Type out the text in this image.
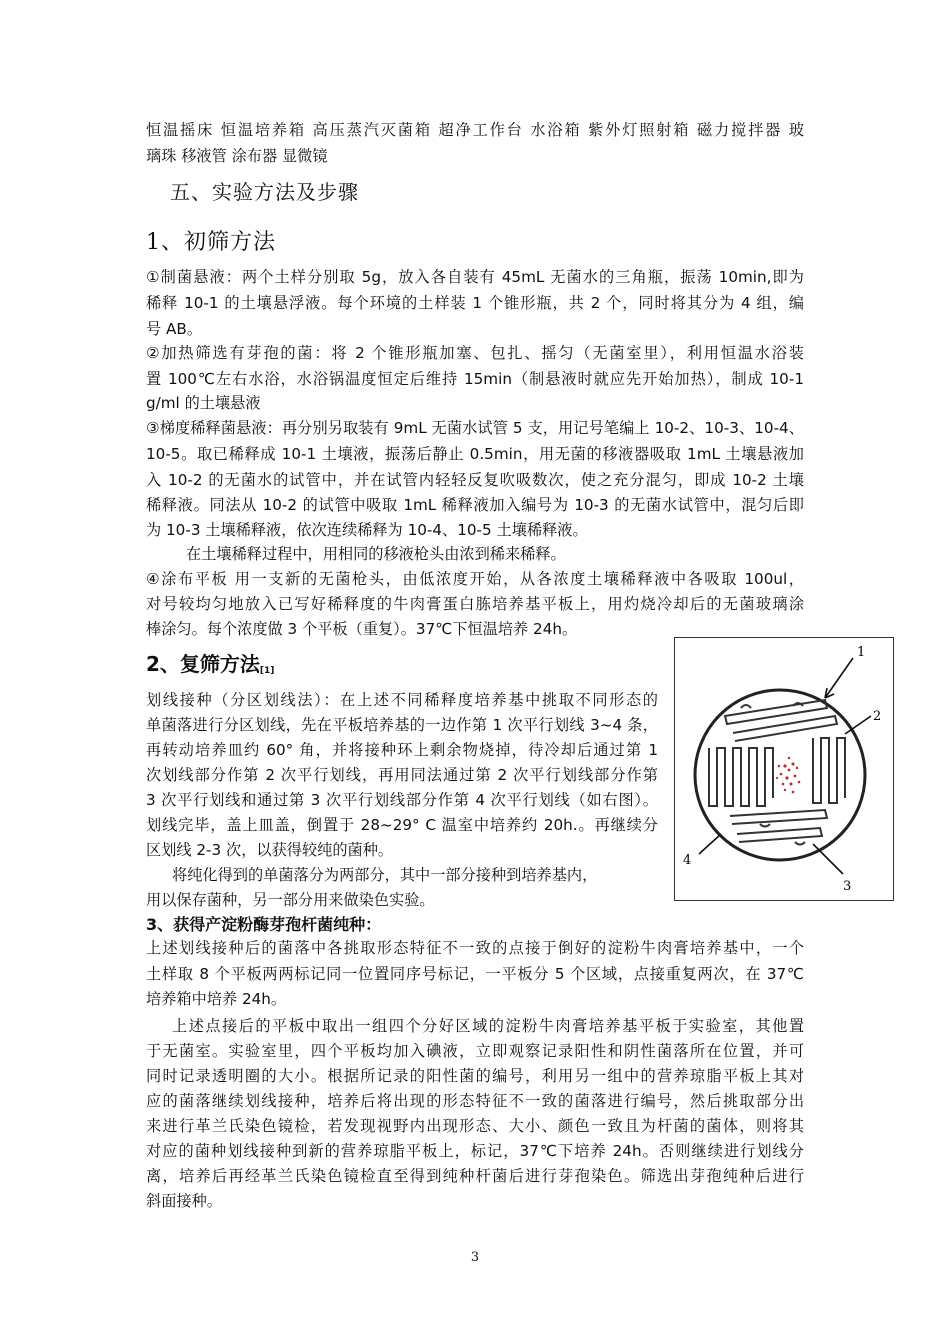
恒温摇床 恒温培养箱 高压蒸汽灭菌箱 超净工作台 水浴箱 紫外灯照射箱 磁力搅拌器 玻
璃珠 移液管 涂布器 显微镜
五、实验方法及步骤
1、初筛方法
①制菌悬液：两个土样分别取 5g，放入各自装有 45mL 无菌水的三角瓶，振荡 10min,即为
稀释 10-1 的土壤悬浮液。每个环境的土样装 1 个锥形瓶，共 2 个，同时将其分为 4 组，编
号 AB。
②加热筛选有芽孢的菌：将 2 个锥形瓶加塞、包扎、摇匀（无菌室里），利用恒温水浴装
置 100℃左右水浴，水浴锅温度恒定后维持 15min（制悬液时就应先开始加热），制成 10-1
g/ml 的土壤悬液
③梯度稀释菌悬液：再分别另取装有 9mL 无菌水试管 5 支，用记号笔编上 10-2、10-3、10-4、
10-5。取已稀释成 10-1 土壤液，振荡后静止 0.5min，用无菌的移液器吸取 1mL 土壤悬液加
入 10-2 的无菌水的试管中，并在试管内轻轻反复吹吸数次，使之充分混匀，即成 10-2 土壤
稀释液。同法从 10-2 的试管中吸取 1mL 稀释液加入编号为 10-3 的无菌水试管中，混匀后即
为 10-3 土壤稀释液，依次连续稀释为 10-4、10-5 土壤稀释液。
在土壤稀释过程中，用相同的移液枪头由浓到稀来稀释。
④涂布平板 用一支新的无菌枪头，由低浓度开始，从各浓度土壤稀释液中各吸取 100ul，
对号较均匀地放入已写好稀释度的牛肉膏蛋白胨培养基平板上，用灼烧冷却后的无菌玻璃涂
棒涂匀。每个浓度做 3 个平板（重复）。37℃下恒温培养 24h。
2、复筛方法[1]
划线接种（分区划线法）：在上述不同稀释度培养基中挑取不同形态的
单菌落进行分区划线，先在平板培养基的一边作第 1 次平行划线 3~4 条，
再转动培养皿约 60° 角，并将接种环上剩余物烧掉，待冷却后通过第 1
次划线部分作第 2 次平行划线，再用同法通过第 2 次平行划线部分作第
3 次平行划线和通过第 3 次平行划线部分作第 4 次平行划线（如右图）。
划线完毕，盖上皿盖，倒置于 28~29° C 温室中培养约 20h.。再继续分
区划线 2-3 次，以获得较纯的菌种。
将纯化得到的单菌落分为两部分，其中一部分接种到培养基内，
用以保存菌种，另一部分用来做染色实验。
1
2
3
4
3、获得产淀粉酶芽孢杆菌纯种：
上述划线接种后的菌落中各挑取形态特征不一致的点接于倒好的淀粉牛肉膏培养基中，一个
土样取 8 个平板两两标记同一位置同序号标记，一平板分 5 个区域，点接重复两次，在 37℃
培养箱中培养 24h。
上述点接后的平板中取出一组四个分好区域的淀粉牛肉膏培养基平板于实验室，其他置
于无菌室。实验室里，四个平板均加入碘液，立即观察记录阳性和阴性菌落所在位置，并可
同时记录透明圈的大小。根据所记录的阳性菌的编号，利用另一组中的营养琼脂平板上其对
应的菌落继续划线接种，培养后将出现的形态特征不一致的菌落进行编号，然后挑取部分出
来进行革兰氏染色镜检，若发现视野内出现形态、大小、颜色一致且为杆菌的菌体，则将其
对应的菌种划线接种到新的营养琼脂平板上，标记，37℃下培养 24h。否则继续进行划线分
离，培养后再经革兰氏染色镜检直至得到纯种杆菌后进行芽孢染色。筛选出芽孢纯种后进行
斜面接种。
3
